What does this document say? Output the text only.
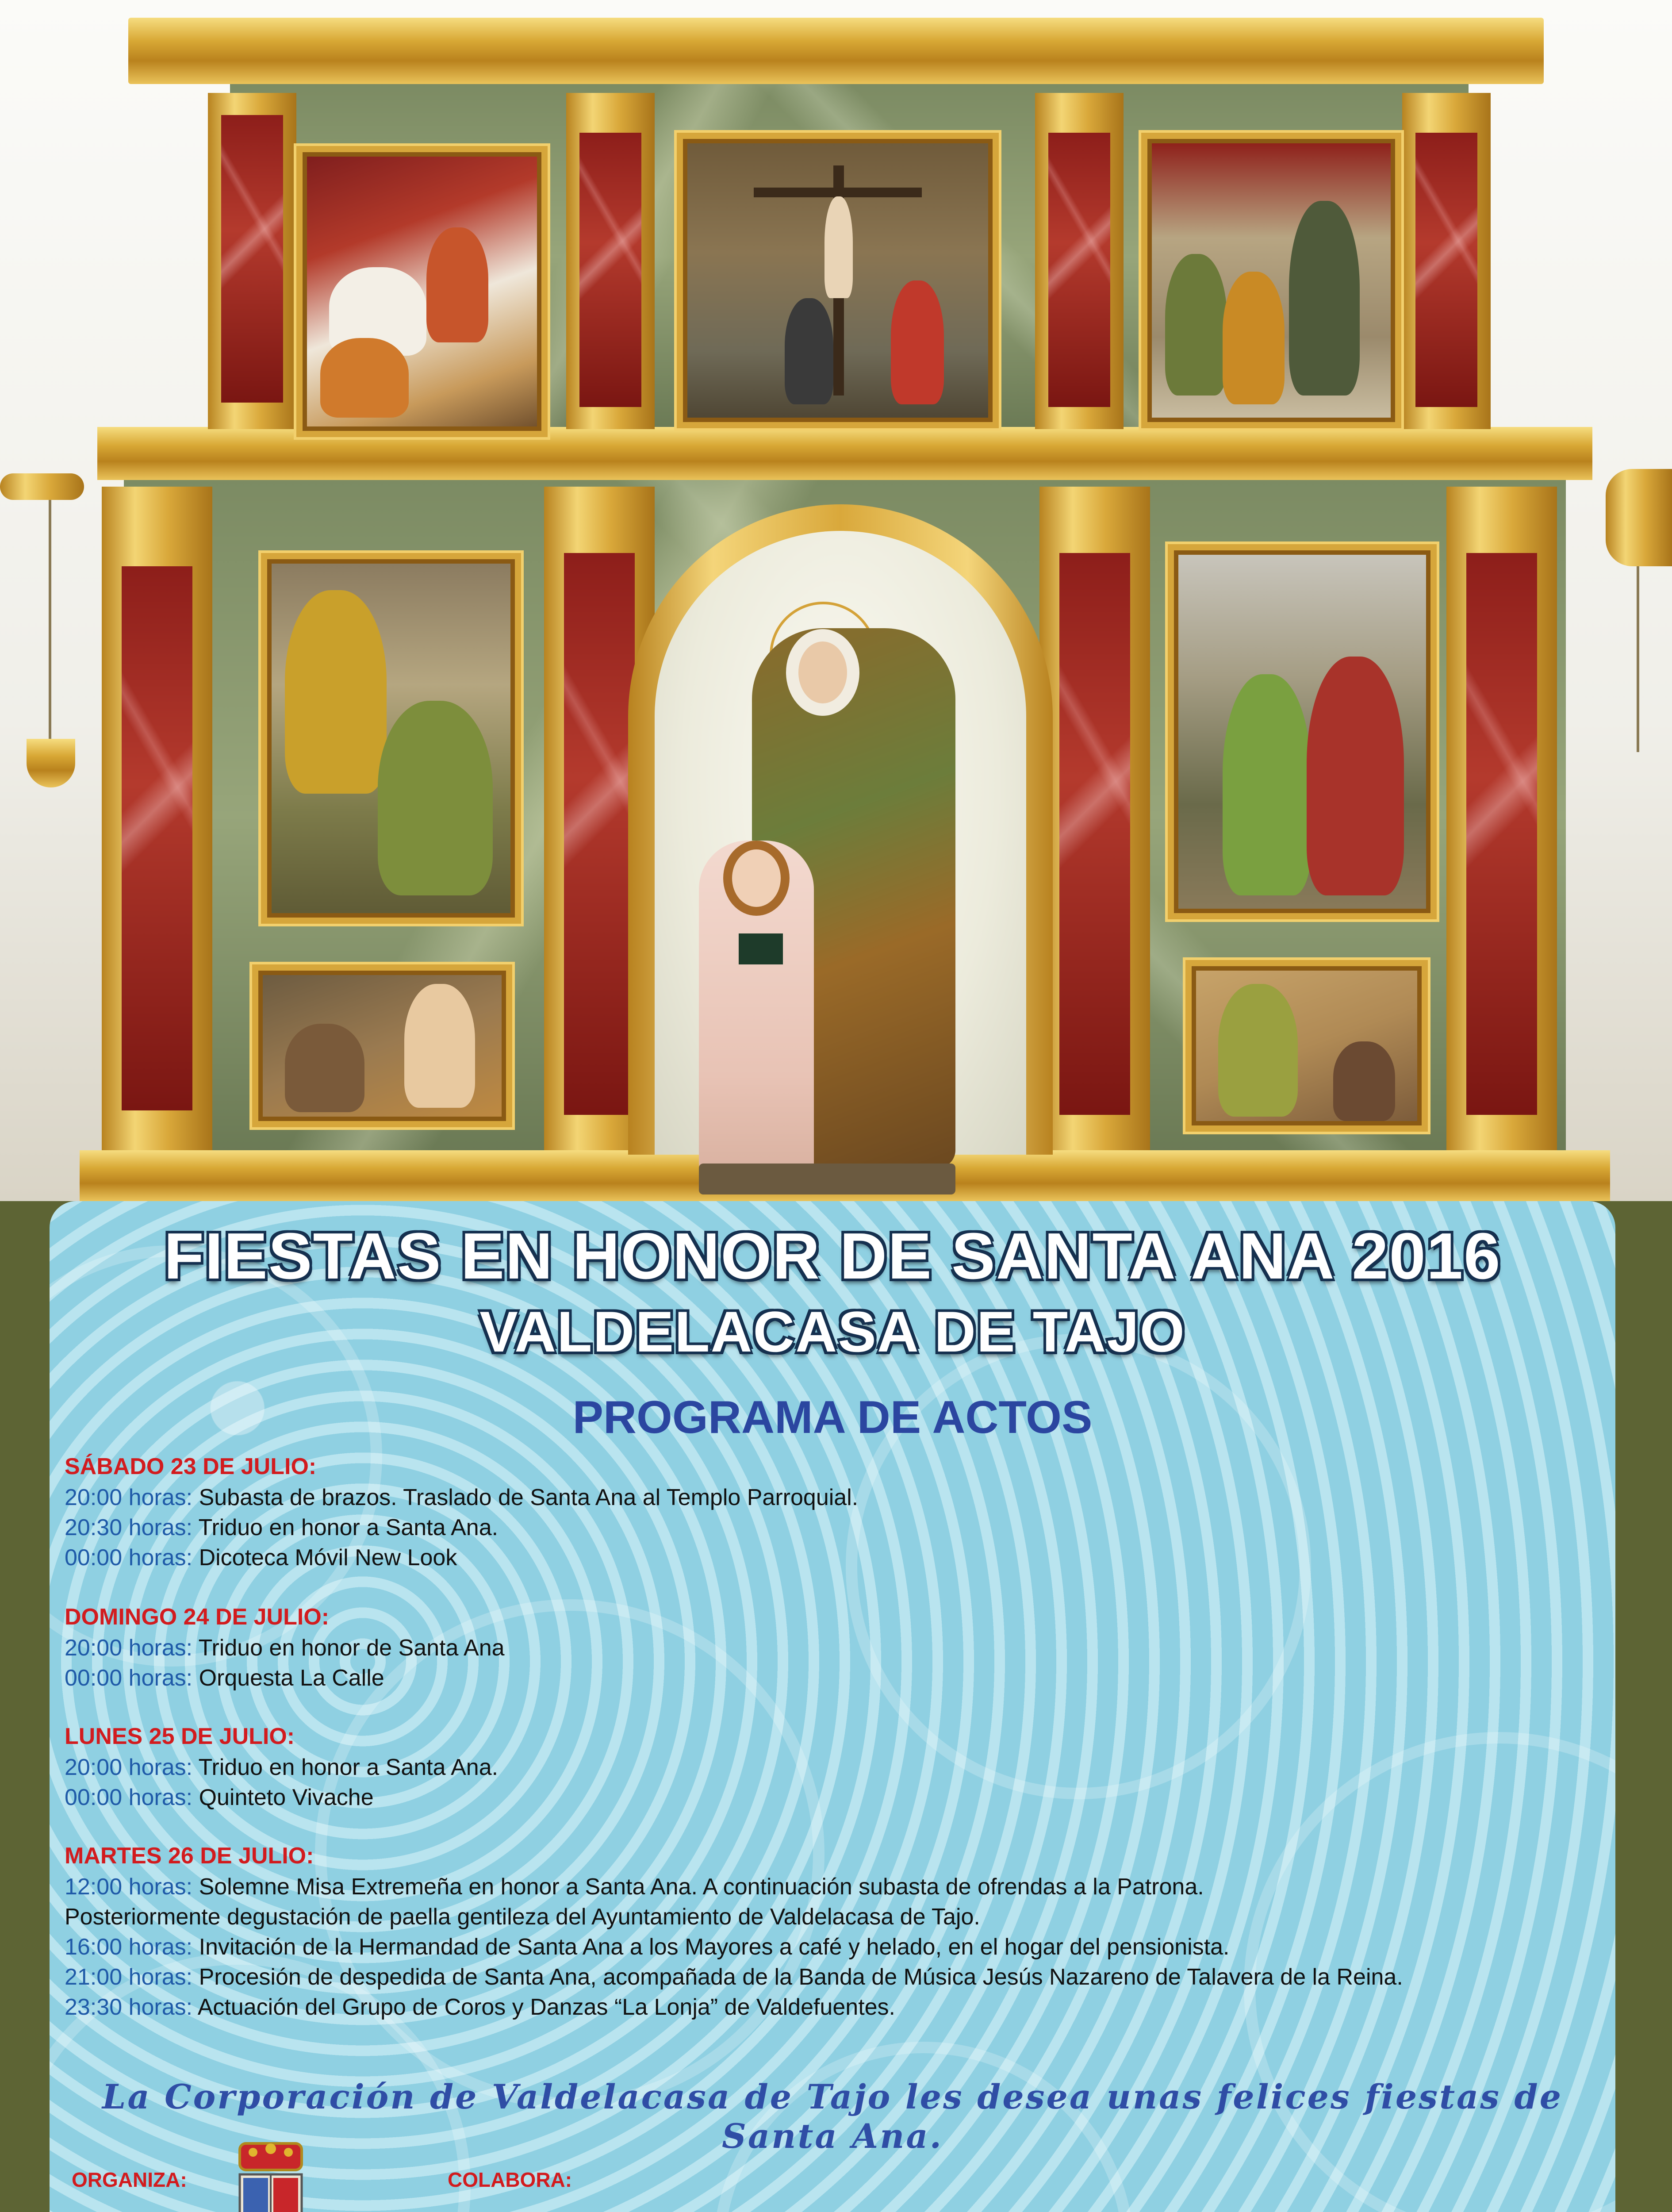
FIESTAS EN HONOR DE SANTA ANA 2016
VALDELACASA DE TAJO
PROGRAMA DE ACTOS
SÁBADO 23 DE JULIO:
20:00 horas: Subasta de brazos. Traslado de Santa Ana al Templo Parroquial.
20:30 horas: Triduo en honor a Santa Ana.
00:00 horas: Dicoteca Móvil New Look
DOMINGO 24 DE JULIO:
20:00 horas: Triduo en honor de Santa Ana
00:00 horas: Orquesta La Calle
LUNES 25 DE JULIO:
20:00 horas: Triduo en honor a Santa Ana.
00:00 horas: Quinteto Vivache
MARTES 26 DE JULIO:
12:00 horas: Solemne Misa Extremeña en honor a Santa Ana. A continuación subasta de ofrendas a la Patrona.
Posteriormente degustación de paella gentileza del Ayuntamiento de Valdelacasa de Tajo.
16:00 horas: Invitación de la Hermandad de Santa Ana a los Mayores a café y helado, en el hogar del pensionista.
21:00 horas: Procesión de despedida de Santa Ana, acompañada de la Banda de Música Jesús Nazareno de Talavera de la Reina.
23:30 horas: Actuación del Grupo de Coros y Danzas “La Lonja” de Valdefuentes.
La Corporación de Valdelacasa de Tajo les desea unas felices fiestas de Santa Ana.
ORGANIZA:	COLABORA:
